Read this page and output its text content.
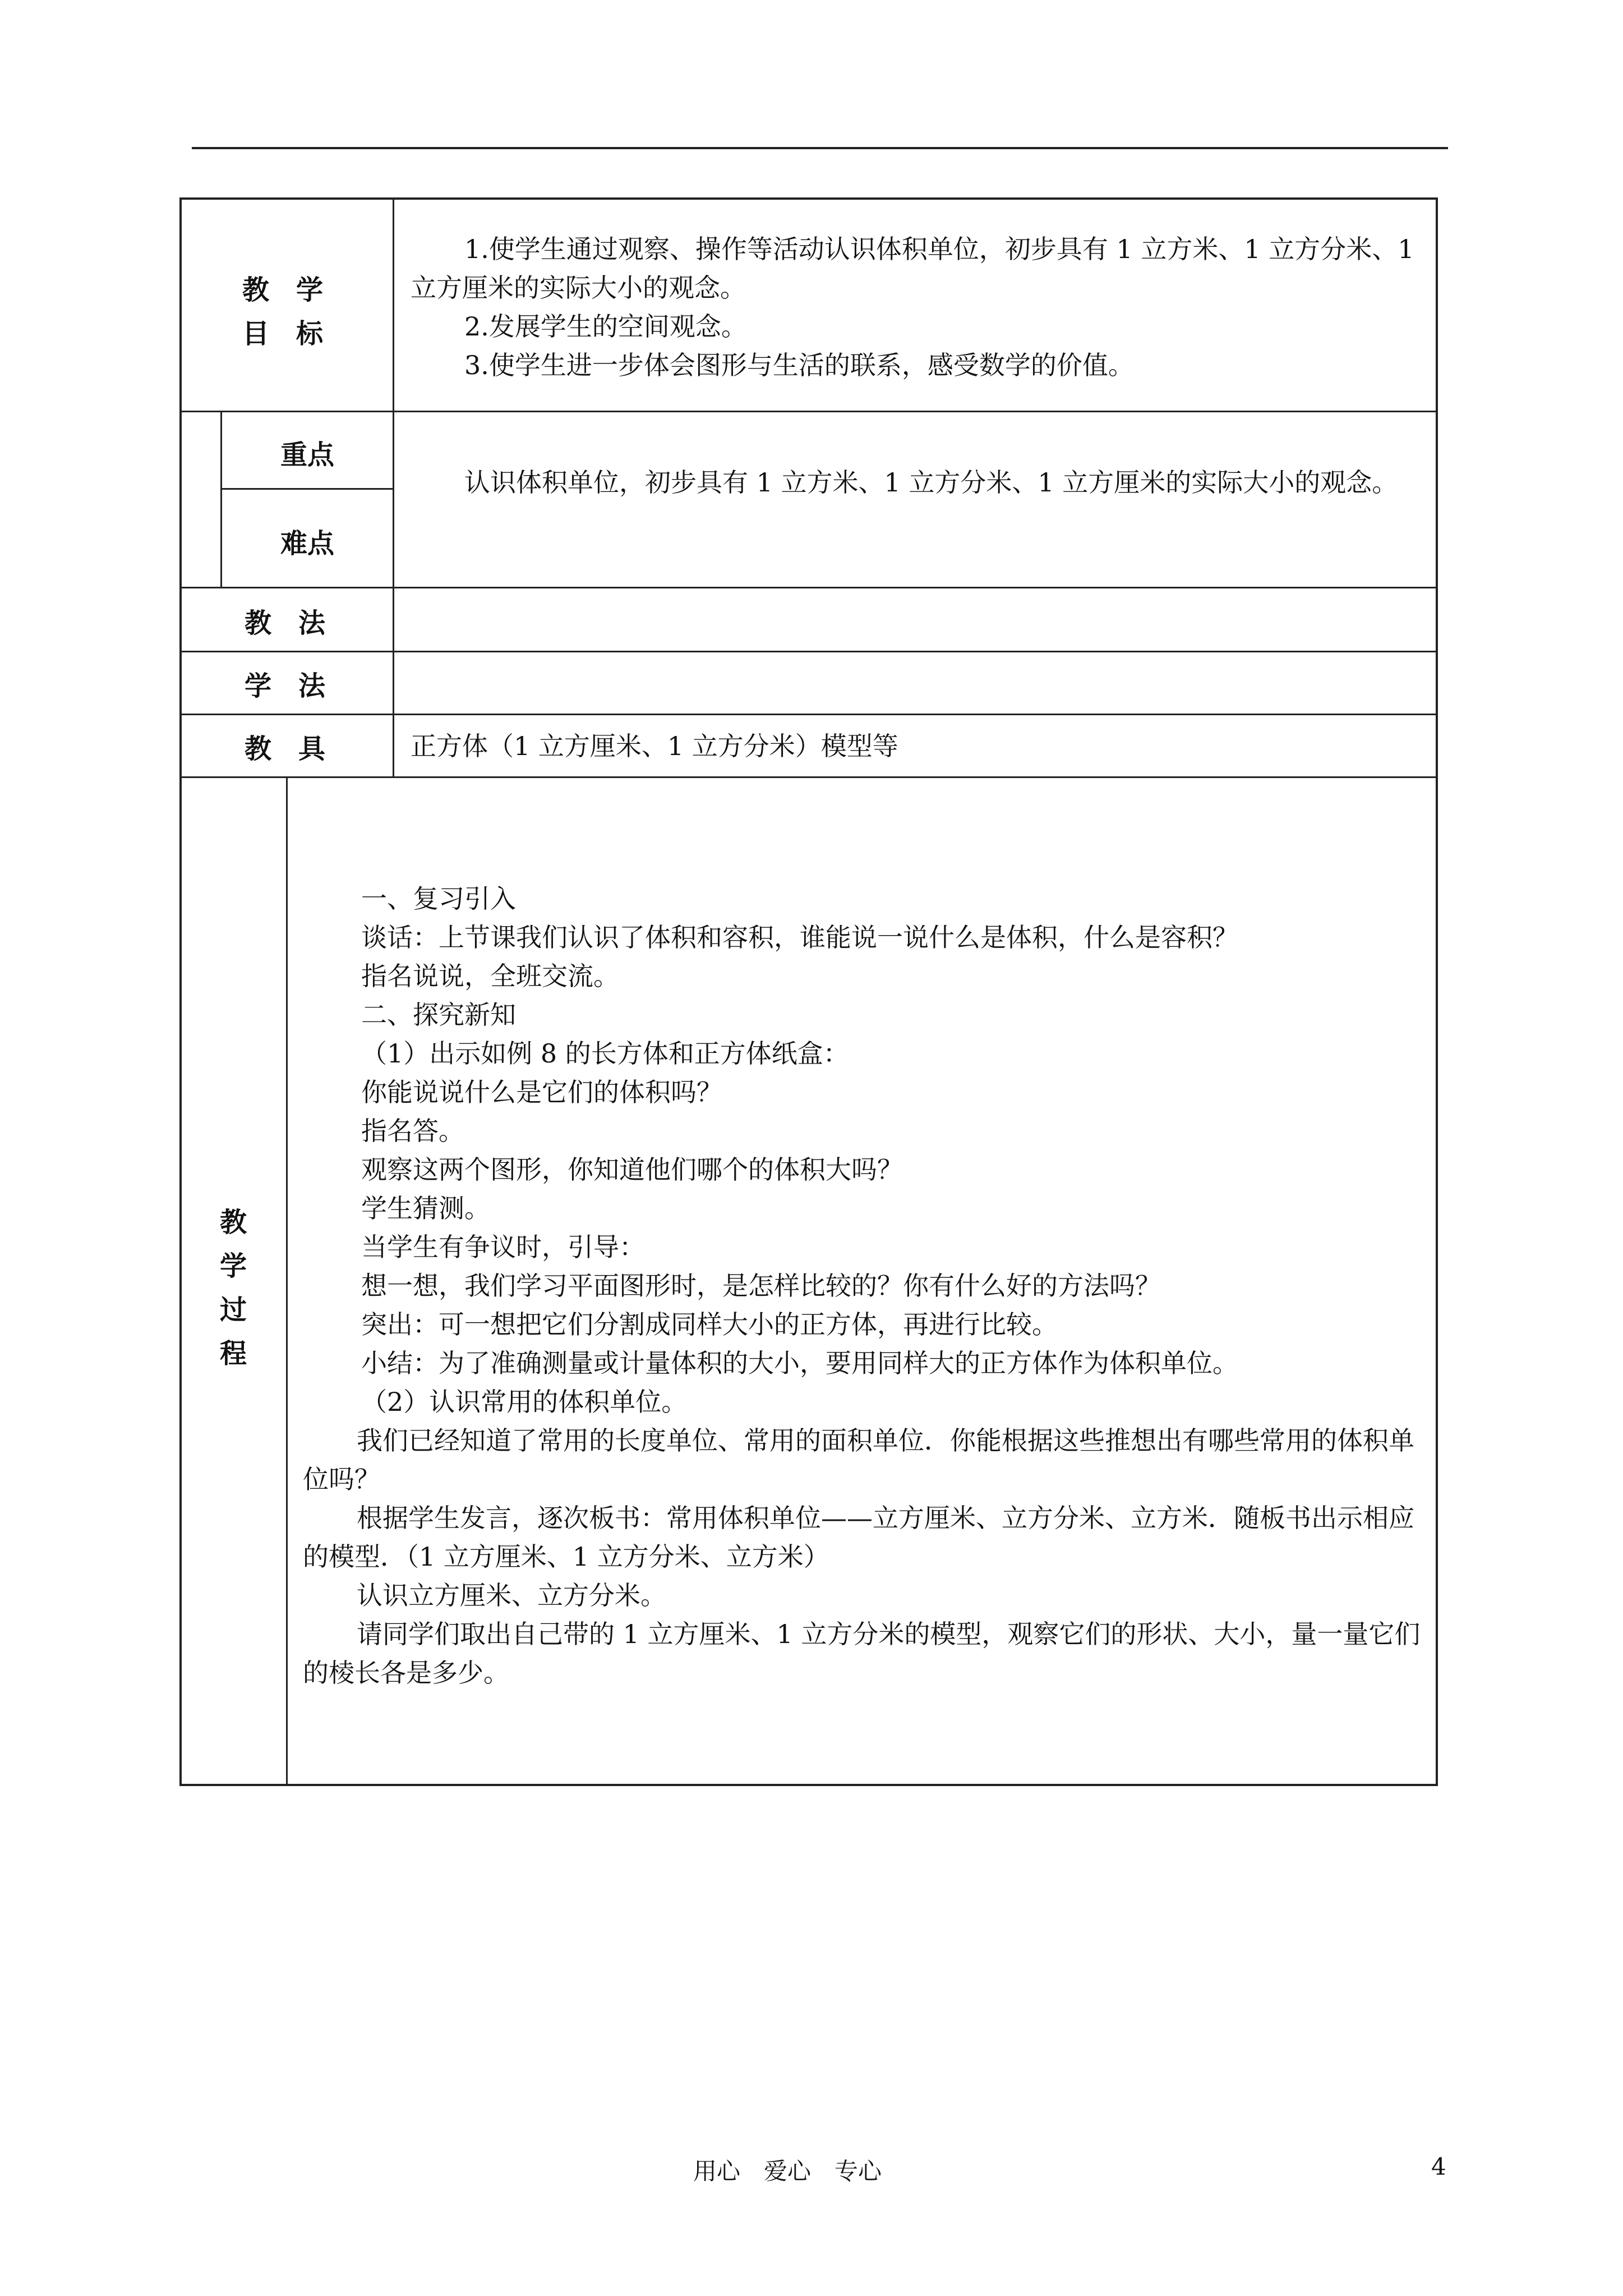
教　学
目　标

1.使学生通过观察、操作等活动认识体积单位，初步具有 1 立方米、1 立方分米、1 立方厘米的实际大小的观念。

2.发展学生的空间观念。

3.使学生进一步体会图形与生活的联系，感受数学的价值。

重点
难点

认识体积单位，初步具有 1 立方米、1 立方分米、1 立方厘米的实际大小的观念。

教　法
学　法
教　具	正方体（1 立方厘米、1 立方分米）模型等
教
学
过
程

一、复习引入

谈话：上节课我们认识了体积和容积，谁能说一说什么是体积，什么是容积？

指名说说，全班交流。

二、探究新知

（1）出示如例 8 的长方体和正方体纸盒：

你能说说什么是它们的体积吗？

指名答。

观察这两个图形，你知道他们哪个的体积大吗？

学生猜测。

当学生有争议时，引导：

想一想，我们学习平面图形时，是怎样比较的？你有什么好的方法吗？

突出：可一想把它们分割成同样大小的正方体，再进行比较。

小结：为了准确测量或计量体积的大小，要用同样大的正方体作为体积单位。

（2）认识常用的体积单位。

我们已经知道了常用的长度单位、常用的面积单位．你能根据这些推想出有哪些常用的体积单位吗？

根据学生发言，逐次板书：常用体积单位——立方厘米、立方分米、立方米．随板书出示相应的模型．（1 立方厘米、1 立方分米、立方米）

认识立方厘米、立方分米。

请同学们取出自己带的 1 立方厘米、1 立方分米的模型，观察它们的形状、大小，量一量它们的棱长各是多少。

用心　爱心　专心	4
